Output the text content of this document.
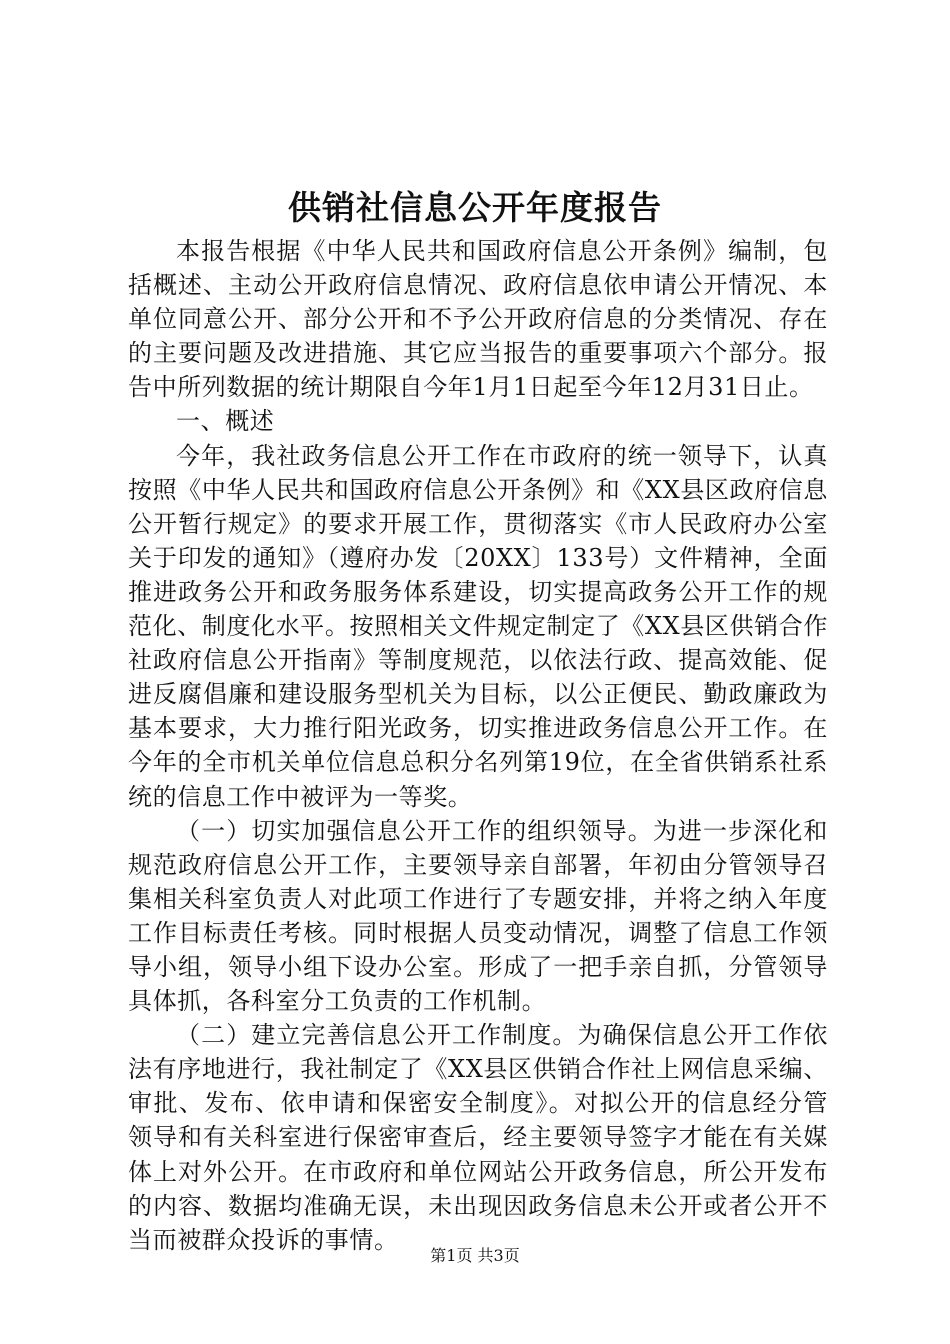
供销社信息公开年度报告

本报告根据《中华人民共和国政府信息公开条例》编制，包括概述、主动公开政府信息情况、政府信息依申请公开情况、本单位同意公开、部分公开和不予公开政府信息的分类情况、存在的主要问题及改进措施、其它应当报告的重要事项六个部分。报告中所列数据的统计期限自今年1月1日起至今年12月31日止。

一、概述

今年，我社政务信息公开工作在市政府的统一领导下，认真按照《中华人民共和国政府信息公开条例》和《XX县区政府信息公开暂行规定》的要求开展工作，贯彻落实《市人民政府办公室关于印发的通知》（遵府办发〔20XX〕133号）文件精神，全面推进政务公开和政务服务体系建设，切实提高政务公开工作的规范化、制度化水平。按照相关文件规定制定了《XX县区供销合作社政府信息公开指南》等制度规范，以依法行政、提高效能、促进反腐倡廉和建设服务型机关为目标，以公正便民、勤政廉政为基本要求，大力推行阳光政务，切实推进政务信息公开工作。在今年的全市机关单位信息总积分名列第19位，在全省供销系社系统的信息工作中被评为一等奖。

（一）切实加强信息公开工作的组织领导。为进一步深化和规范政府信息公开工作，主要领导亲自部署，年初由分管领导召集相关科室负责人对此项工作进行了专题安排，并将之纳入年度工作目标责任考核。同时根据人员变动情况，调整了信息工作领导小组，领导小组下设办公室。形成了一把手亲自抓，分管领导具体抓，各科室分工负责的工作机制。

（二）建立完善信息公开工作制度。为确保信息公开工作依法有序地进行，我社制定了《XX县区供销合作社上网信息采编、审批、发布、依申请和保密安全制度》。对拟公开的信息经分管领导和有关科室进行保密审查后，经主要领导签字才能在有关媒体上对外公开。在市政府和单位网站公开政务信息，所公开发布的内容、数据均准确无误，未出现因政务信息未公开或者公开不当而被群众投诉的事情。

第1页 共3页
